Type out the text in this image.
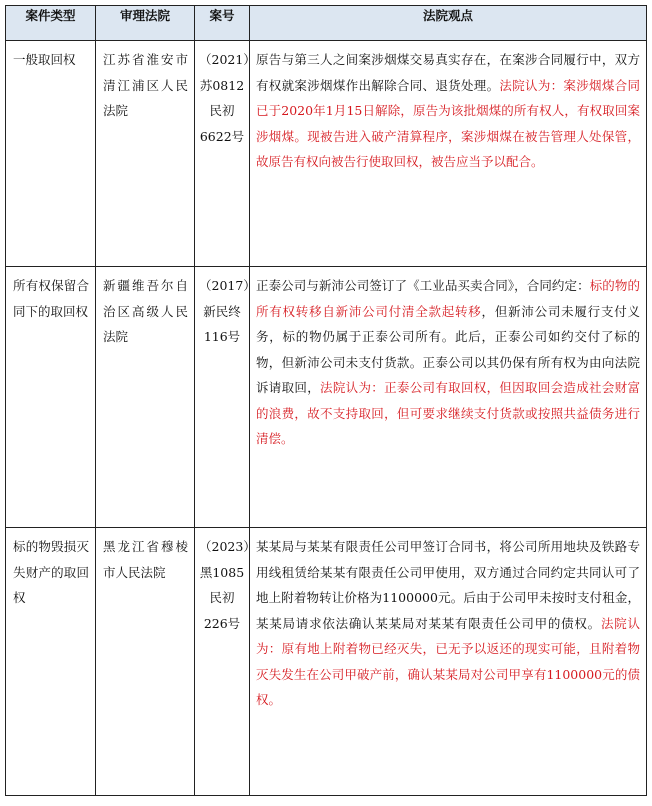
案件类型	审理法院	案号	法院观点
一般取回权	江苏省淮安市清江浦区人民法院	（2021）苏0812民初6622号	原告与第三人之间案涉烟煤交易真实存在，在案涉合同履行中，双方有权就案涉烟煤作出解除合同、退货处理。法院认为：案涉烟煤合同已于2020年1月15日解除，原告为该批烟煤的所有权人，有权取回案涉烟煤。现被告进入破产清算程序，案涉烟煤在被告管理人处保管，故原告有权向被告行使取回权，被告应当予以配合。
所有权保留合同下的取回权	新疆维吾尔自治区高级人民法院	（2017）新民终116号	正泰公司与新沛公司签订了《工业品买卖合同》，合同约定：标的物的所有权转移自新沛公司付清全款起转移，但新沛公司未履行支付义务，标的物仍属于正泰公司所有。此后，正泰公司如约交付了标的物，但新沛公司未支付货款。正泰公司以其仍保有所有权为由向法院诉请取回，法院认为：正泰公司有取回权，但因取回会造成社会财富的浪费，故不支持取回，但可要求继续支付货款或按照共益债务进行清偿。
标的物毁损灭失财产的取回权	黑龙江省穆棱市人民法院	（2023）黑1085民初226号	某某局与某某有限责任公司甲签订合同书，将公司所用地块及铁路专用线租赁给某某有限责任公司甲使用，双方通过合同约定共同认可了地上附着物转让价格为1100000元。后由于公司甲未按时支付租金，某某局请求依法确认某某局对某某有限责任公司甲的债权。法院认为：原有地上附着物已经灭失，已无予以返还的现实可能，且附着物灭失发生在公司甲破产前，确认某某局对公司甲享有1100000元的债权。
